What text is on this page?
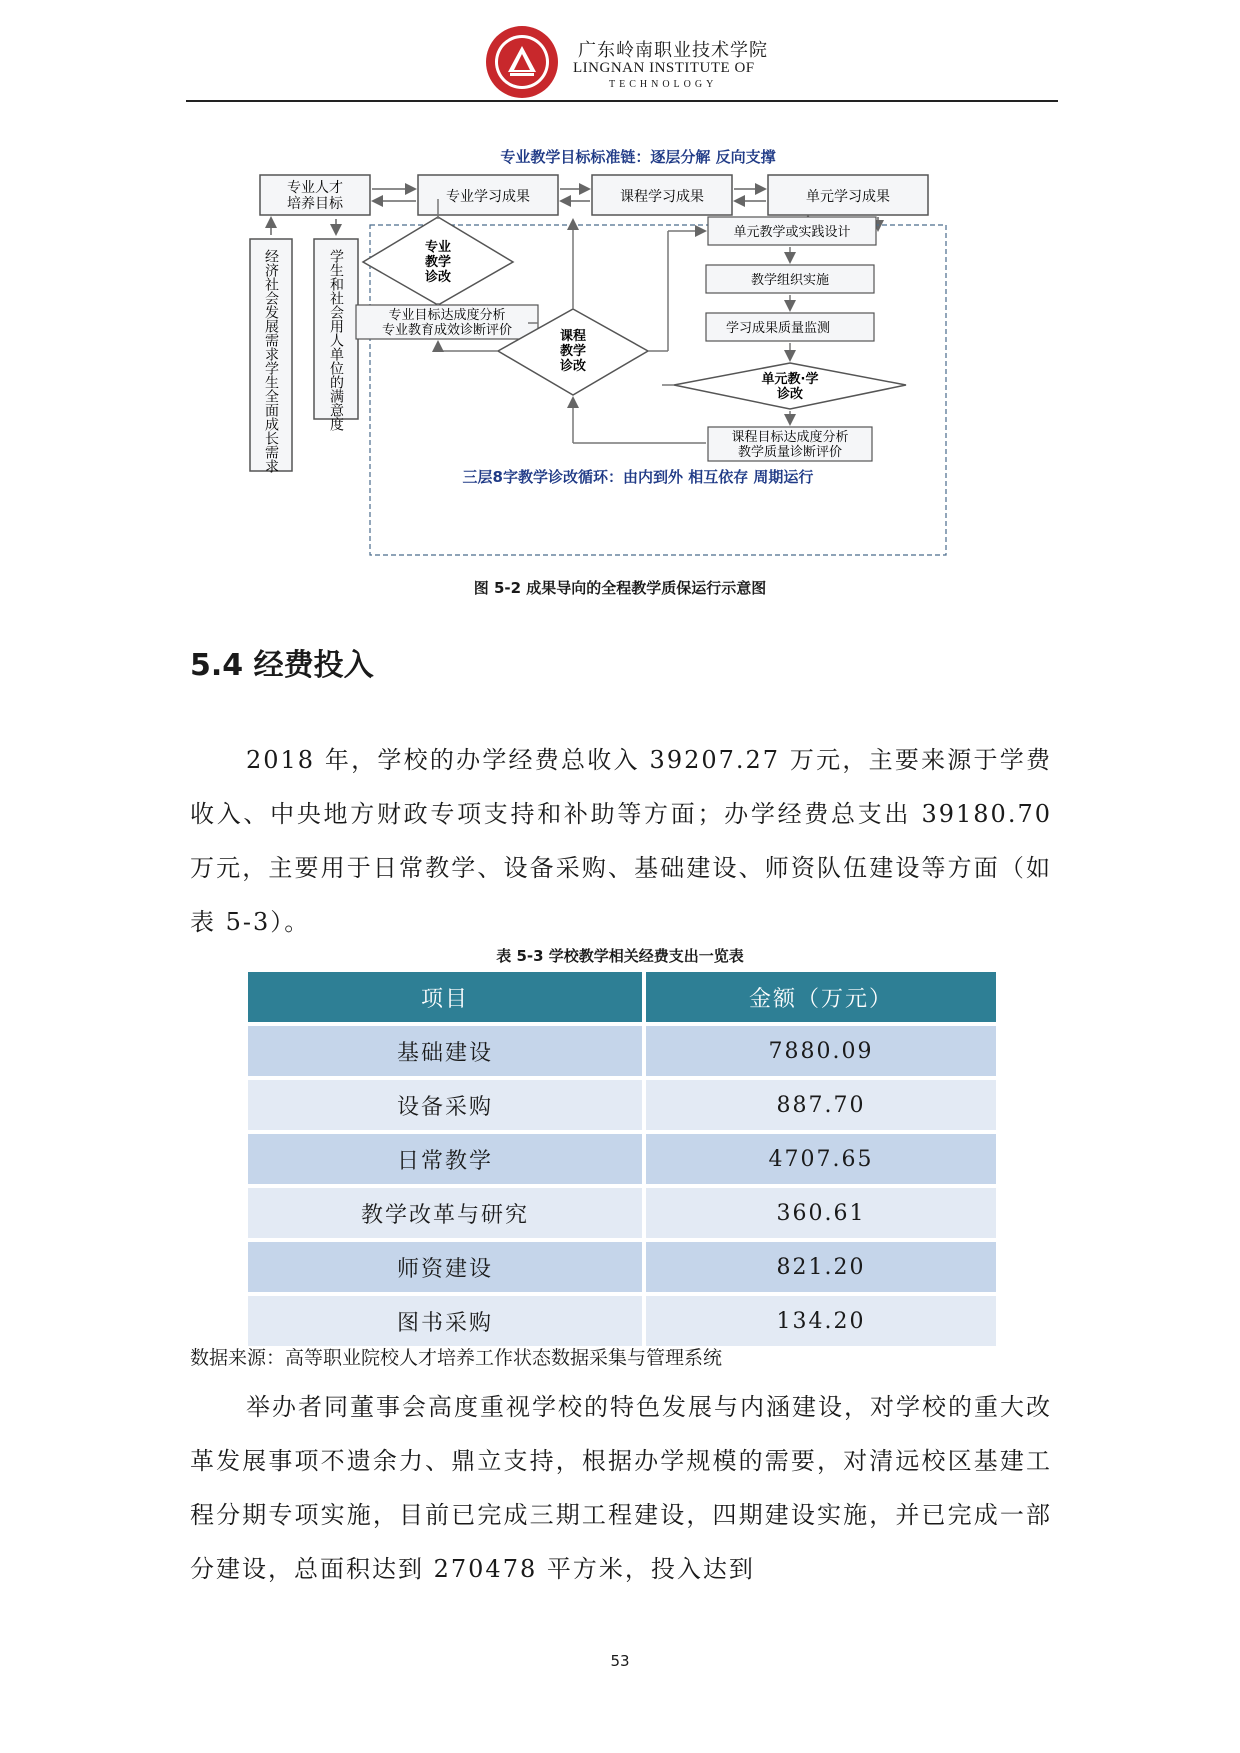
广东岭南职业技术学院
LINGNAN INSTITUTE OF
TECHNOLOGY
专业教学目标标准链：逐层分解 反向支撑
专业人才
培养目标	专业学习成果	课程学习成果	单元学习成果
经济社会发展需求学生全面成长需求	学生和社会用人单位的满意度
专业
教学
诊改
专业目标达成度分析
专业教育成效诊断评价	课程
教学
诊改
单元教学或实践设计
教学组织实施
学习成果质量监测
单元教·学
诊改
课程目标达成度分析
教学质量诊断评价
三层8字教学诊改循环：由内到外 相互依存 周期运行
图 5-2 成果导向的全程教学质保运行示意图
5.4 经费投入
2018 年，学校的办学经费总收入 39207.27 万元，主要来源于学费收入、中央地方财政专项支持和补助等方面；办学经费总支出 39180.70 万元，主要用于日常教学、设备采购、基础建设、师资队伍建设等方面（如表 5-3）。
表 5-3 学校教学相关经费支出一览表
项目	金额（万元）
基础建设	7880.09
设备采购	887.70
日常教学	4707.65
教学改革与研究	360.61
师资建设	821.20
图书采购	134.20
数据来源：高等职业院校人才培养工作状态数据采集与管理系统
举办者同董事会高度重视学校的特色发展与内涵建设，对学校的重大改革发展事项不遗余力、鼎立支持，根据办学规模的需要，对清远校区基建工程分期专项实施，目前已完成三期工程建设，四期建设实施，并已完成一部分建设，总面积达到 270478 平方米，投入达到
53
